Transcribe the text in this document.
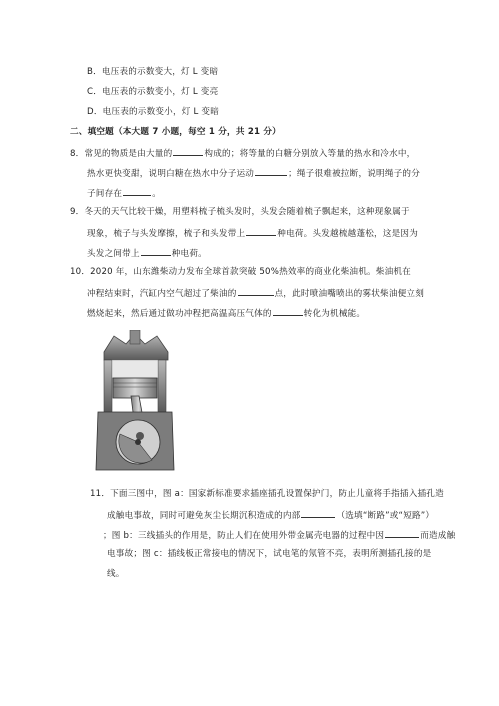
B．电压表的示数变大，灯 L 变暗
C．电压表的示数变小，灯 L 变亮
D．电压表的示数变小，灯 L 变暗
二、填空题（本大题 7 小题，每空 1 分，共 21 分）
8．常见的物质是由大量的	构成的；将等量的白糖分别放入等量的热水和冷水中，
热水更快变甜，说明白糖在热水中分子运动	；绳子很难被拉断，说明绳子的分
子间存在	。
9．冬天的天气比较干燥，用塑料梳子梳头发时，头发会随着梳子飘起来，这种现象属于
现象，梳子与头发摩擦，梳子和头发带上	种电荷。头发越梳越蓬松，这是因为
头发之间带上	种电荷。
10．2020 年，山东潍柴动力发布全球首款突破 50%热效率的商业化柴油机。柴油机在
冲程结束时，汽缸内空气超过了柴油的	点，此时喷油嘴喷出的雾状柴油便立刻
燃烧起来，然后通过做功冲程把高温高压气体的	转化为机械能。
11．下面三图中，图 a：国家新标准要求插座插孔设置保护门，防止儿童将手指插入插孔造
成触电事故，同时可避免灰尘长期沉积造成的内部	（选填“断路”或“短路”）
；图 b：三线插头的作用是，防止人们在使用外带金属壳电器的过程中因	而造成触
电事故；图 c：插线板正常接电的情况下，试电笔的氖管不亮，表明所测插孔接的是
线。
